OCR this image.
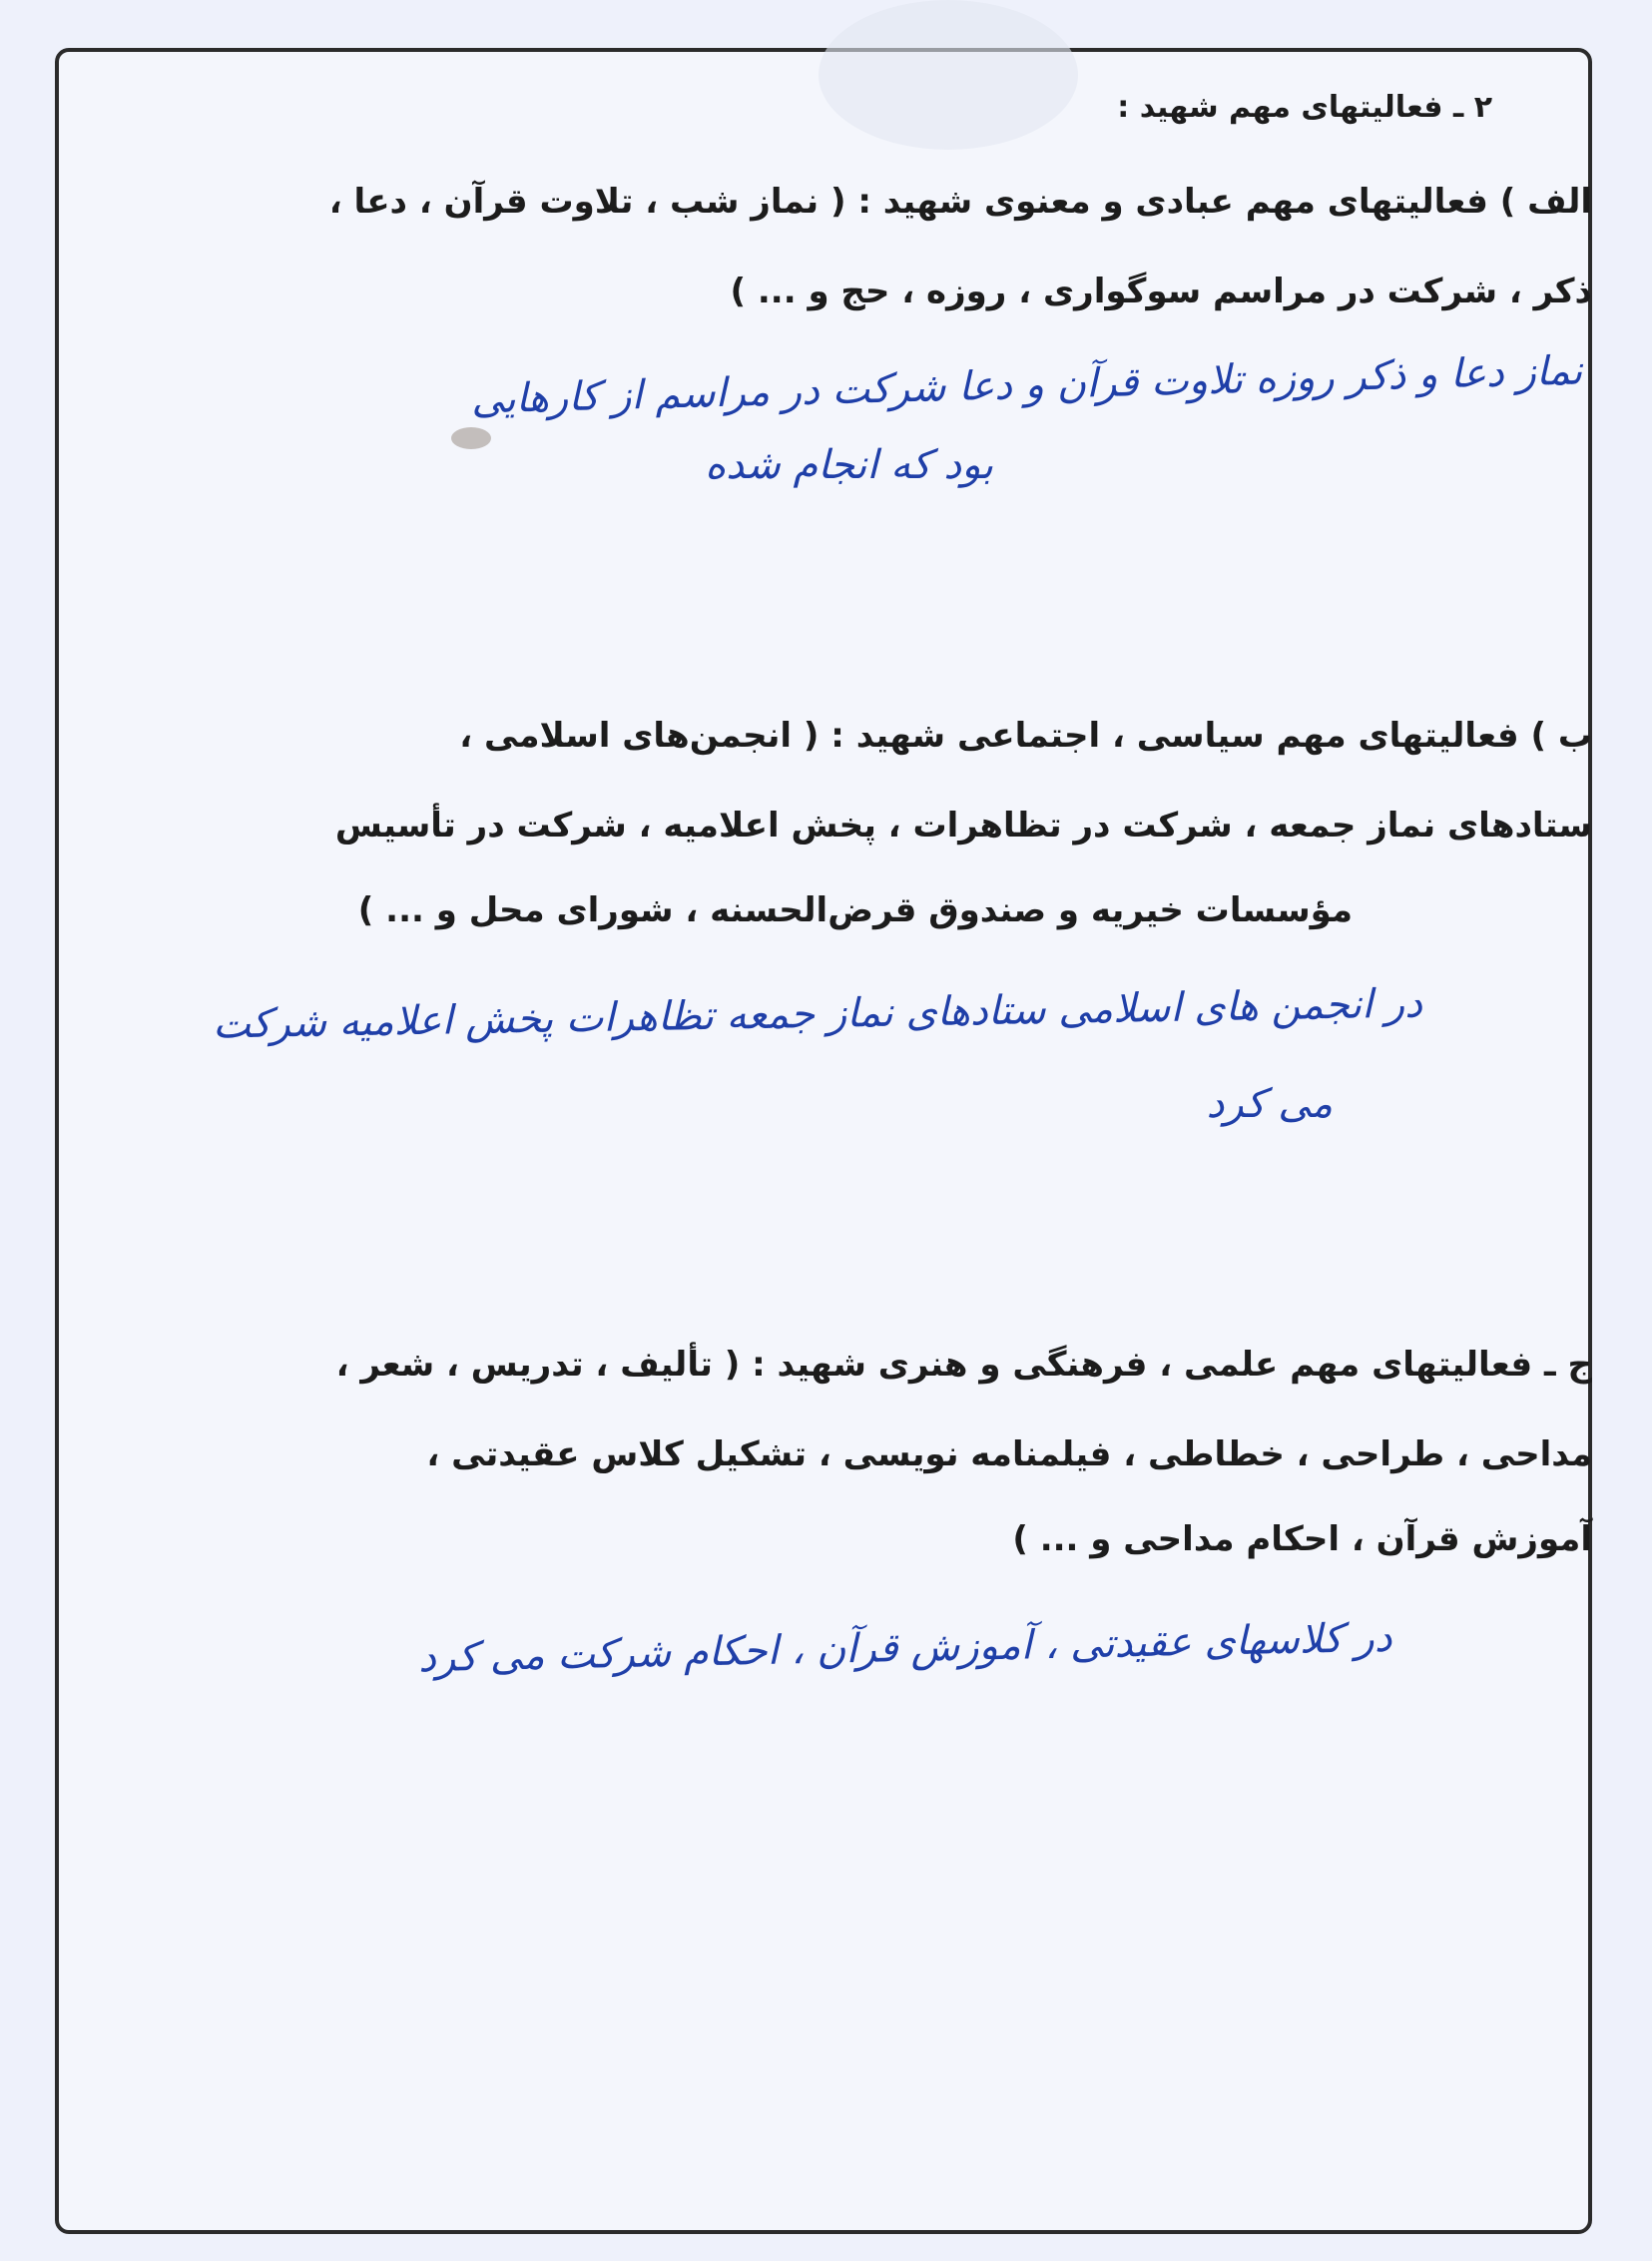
۲ ـ فعالیتهای مهم شهید :
الف ) فعالیتهای مهم عبادی و معنوی شهید : ( نماز شب ، تلاوت قرآن ، دعا ،
ذکر ، شرکت در مراسم سوگواری ، روزه ، حج و ... )
نماز دعا و ذکر روزه تلاوت قرآن و دعا شرکت در مراسم از کارهایی
بود که انجام شده
ب ) فعالیتهای مهم سیاسی ، اجتماعی شهید : ( انجمن‌های اسلامی ،
ستادهای نماز جمعه ، شرکت در تظاهرات ، پخش اعلامیه ، شرکت در تأسیس
مؤسسات خیریه و صندوق قرض‌الحسنه ، شورای محل و ... )
در انجمن های اسلامی ستادهای نماز جمعه تظاهرات پخش اعلامیه شرکت
می کرد
ج ـ فعالیتهای مهم علمی ، فرهنگی و هنری شهید : ( تألیف ، تدریس ، شعر ،
مداحی ، طراحی ، خطاطی ، فیلمنامه نویسی ، تشکیل کلاس عقیدتی ،
آموزش قرآن ، احکام مداحی و ... )
در کلاسهای عقیدتی ، آموزش قرآن ، احکام شرکت می کرد
